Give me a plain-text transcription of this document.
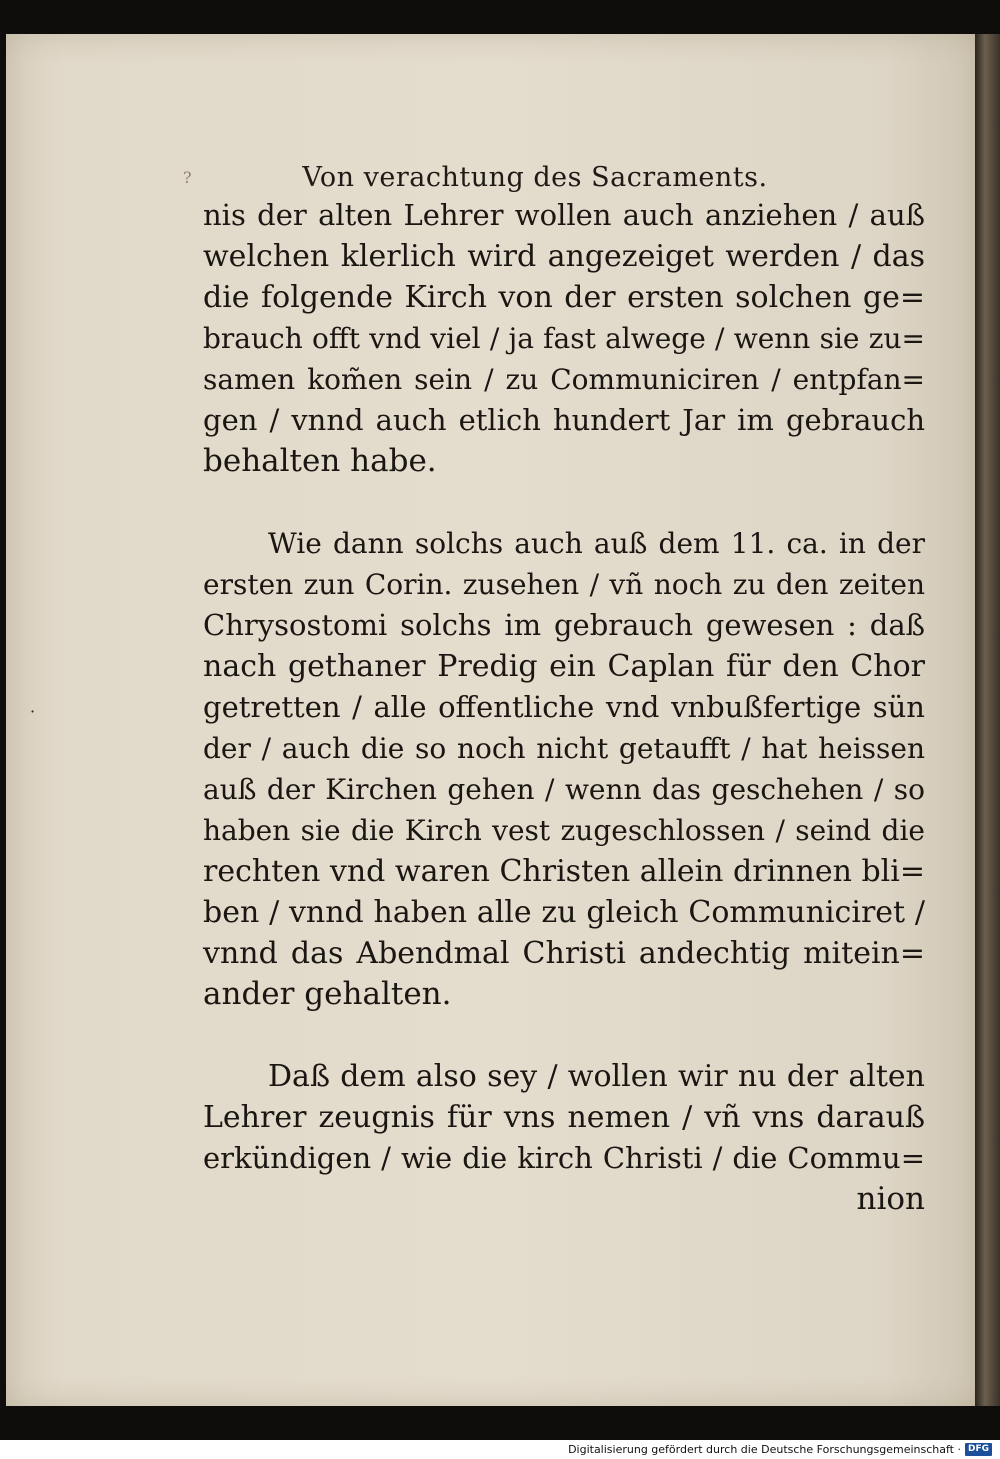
?
·
Von verachtung des Sacraments.
nis der alten Lehrer wollen auch anziehen / auß
welchen klerlich wird angezeiget werden / das
die folgende Kirch von der ersten solchen ge=
brauch offt vnd viel / ja fast alwege / wenn sie zu=
samen kom̃en sein / zu Communiciren / entpfan=
gen / vnnd auch etlich hundert Jar im gebrauch
behalten habe.
Wie dann solchs auch auß dem 11. ca. in der
ersten zun Corin. zusehen / vñ noch zu den zeiten
Chrysostomi solchs im gebrauch gewesen : daß
nach gethaner Predig ein Caplan für den Chor
getretten / alle offentliche vnd vnbußfertige sün
der / auch die so noch nicht getaufft / hat heissen
auß der Kirchen gehen / wenn das geschehen / so
haben sie die Kirch vest zugeschlossen / seind die
rechten vnd waren Christen allein drinnen bli=
ben / vnnd haben alle zu gleich Communiciret /
vnnd das Abendmal Christi andechtig mitein=
ander gehalten.
Daß dem also sey / wollen wir nu der alten
Lehrer zeugnis für vns nemen / vñ vns darauß
erkündigen / wie die kirch Christi / die Commu=
nion
Digitalisierung gefördert durch die Deutsche Forschungsgemeinschaft · DFG
